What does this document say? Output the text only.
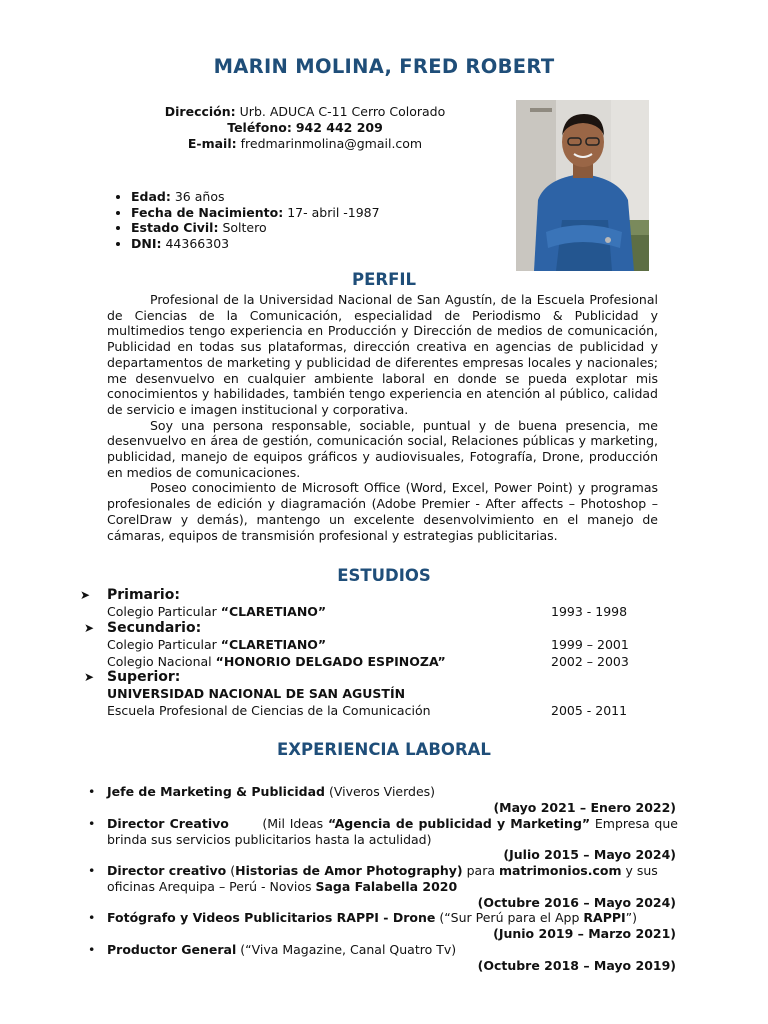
MARIN MOLINA, FRED ROBERT
Dirección: Urb. ADUCA C-11 Cerro Colorado
Teléfono: 942 442 209
E-mail: fredmarinmolina@gmail.com
• Edad: 36 años
• Fecha de Nacimiento: 17- abril -1987
• Estado Civil: Soltero
• DNI: 44366303
PERFIL

Profesional de la Universidad Nacional de San Agustín, de la Escuela Profesional de Ciencias de la Comunicación, especialidad de Periodismo & Publicidad y multimedios tengo experiencia en Producción y Dirección de medios de comunicación, Publicidad en todas sus plataformas, dirección creativa en agencias de publicidad y departamentos de marketing y publicidad de diferentes empresas locales y nacionales; me desenvuelvo en cualquier ambiente laboral en donde se pueda explotar mis conocimientos y habilidades, también tengo experiencia en atención al público, calidad de servicio e imagen institucional y corporativa.

Soy una persona responsable, sociable, puntual y de buena presencia, me desenvuelvo en área de gestión, comunicación social, Relaciones públicas y marketing, publicidad, manejo de equipos gráficos y audiovisuales, Fotografía, Drone, producción en medios de comunicaciones.

Poseo conocimiento de Microsoft Office (Word, Excel, Power Point) y programas profesionales de edición y diagramación (Adobe Premier - After affects – Photoshop – CorelDraw y demás), mantengo un excelente desenvolvimiento en el manejo de cámaras, equipos de transmisión profesional y estrategias publicitarias.

ESTUDIOS
➤ Primario:
Colegio Particular “CLARETIANO”	1993 - 1998
➤ Secundario:
Colegio Particular “CLARETIANO”	1999 – 2001
Colegio Nacional “HONORIO DELGADO ESPINOZA”	2002 – 2003
➤ Superior:
UNIVERSIDAD NACIONAL DE SAN AGUSTÍN
Escuela Profesional de Ciencias de la Comunicación	2005 - 2011
EXPERIENCIA LABORAL
• Jefe de Marketing & Publicidad (Viveros Vierdes)
(Mayo 2021 – Enero 2022)
• Director Creativo	(Mil Ideas “Agencia de publicidad y Marketing” Empresa que brinda sus servicios publicitarios hasta la actulidad)
(Julio 2015 – Mayo 2024)
• Director creativo (Historias de Amor Photography) para matrimonios.com y sus oficinas Arequipa – Perú - Novios Saga Falabella 2020
(Octubre 2016 – Mayo 2024)
• Fotógrafo y Videos Publicitarios RAPPI - Drone (“Sur Perú para el App RAPPI”)
(Junio 2019 – Marzo 2021)
• Productor General (“Viva Magazine, Canal Quatro Tv)
(Octubre 2018 – Mayo 2019)
